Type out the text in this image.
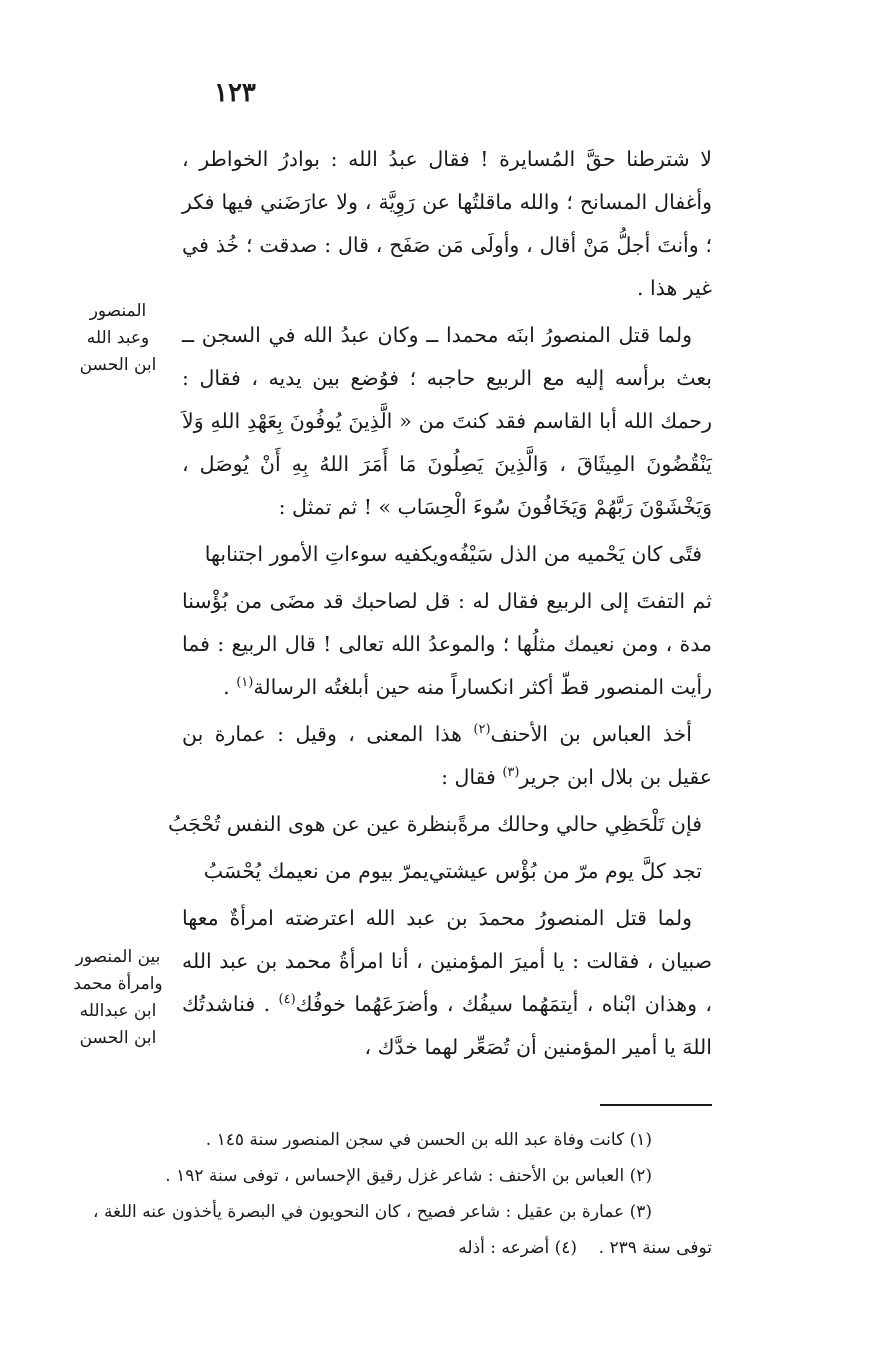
١٢٣
المنصور
وعبد الله
ابن الحسن
بين المنصور
وامرأة محمد
ابن عبدالله
ابن الحسن

لا شترطنا حقَّ المُسايرة ! فقال عبدُ الله : بوادرُ الخواطر ، وأغفال المسانح ؛ والله ماقلتُها عن رَوِيَّة ، ولا عارَضَني فيها فكر ؛ وأنتَ أجلُّ مَنْ أقال ، وأولَى مَن صَفَح ، قال : صدقت ؛ خُذ في غير هذا .

ولما قتل المنصورُ ابنَه محمدا ــ وكان عبدُ الله في السجن ــ بعث برأسه إليه مع الربيع حاجبه ؛ فوُضع بين يديه ، فقال : رحمك الله أبا القاسم فقد كنتَ من « الَّذِينَ يُوفُونَ بِعَهْدِ اللهِ وَلاَ يَنْقُضُونَ المِيثَاقَ ، وَالَّذِينَ يَصِلُونَ مَا أَمَرَ اللهُ بِهِ أَنْ يُوصَل ، وَيَخْشَوْنَ رَبَّهُمْ وَيَخَافُونَ سُوءَ الْحِسَاب » ! ثم تمثل :

فتًى كان يَحْميه من الذل سَيْفُه
ويكفيه سوءاتِ الأمور اجتنابها

ثم التفتَ إلى الربيع فقال له : قل لصاحبك قد مضَى من بُؤْسنا مدة ، ومن نعيمك مثلُها ؛ والموعدُ الله تعالى ! قال الربيع : فما رأيت المنصور قطّ أكثر انكساراً منه حين أبلغتُه الرسالة$^{(١)}$ .

أخذ العباس بن الأحنف$^{(٢)}$ هذا المعنى ، وقيل : عمارة بن عقيل بن بلال ابن جرير$^{(٣)}$ فقال :

فإن تَلْحَظِي حالي وحالك مرةً
بنظرة عين عن هوى النفس تُحْجَبُ
تجد كلَّ يوم مرّ من بُؤْس عيشتي
يمرّ بيوم من نعيمك يُحْسَبُ

ولما قتل المنصورُ محمدَ بن عبد الله اعترضته امرأةٌ معها صبيان ، فقالت : يا أميرَ المؤمنين ، أنا امرأةُ محمد بن عبد الله ، وهذان ابْناه ، أيتمَهُما سيفُك ، وأضرَعَهُما خوفُك$^{(٤)}$ . فناشدتُك اللهَ يا أمير المؤمنين أن تُصَعِّر لهما خدَّك ،

(١) كانت وفاة عبد الله بن الحسن في سجن المنصور سنة ١٤٥ .
(٢) العباس بن الأحنف : شاعر غزل رقيق الإحساس ، توفى سنة ١٩٢ .
(٣) عمارة بن عقيل : شاعر فصيح ، كان النحويون في البصرة يأخذون عنه اللغة ،
توفى سنة ٢٣٩ .    (٤) أضرعه : أذله
